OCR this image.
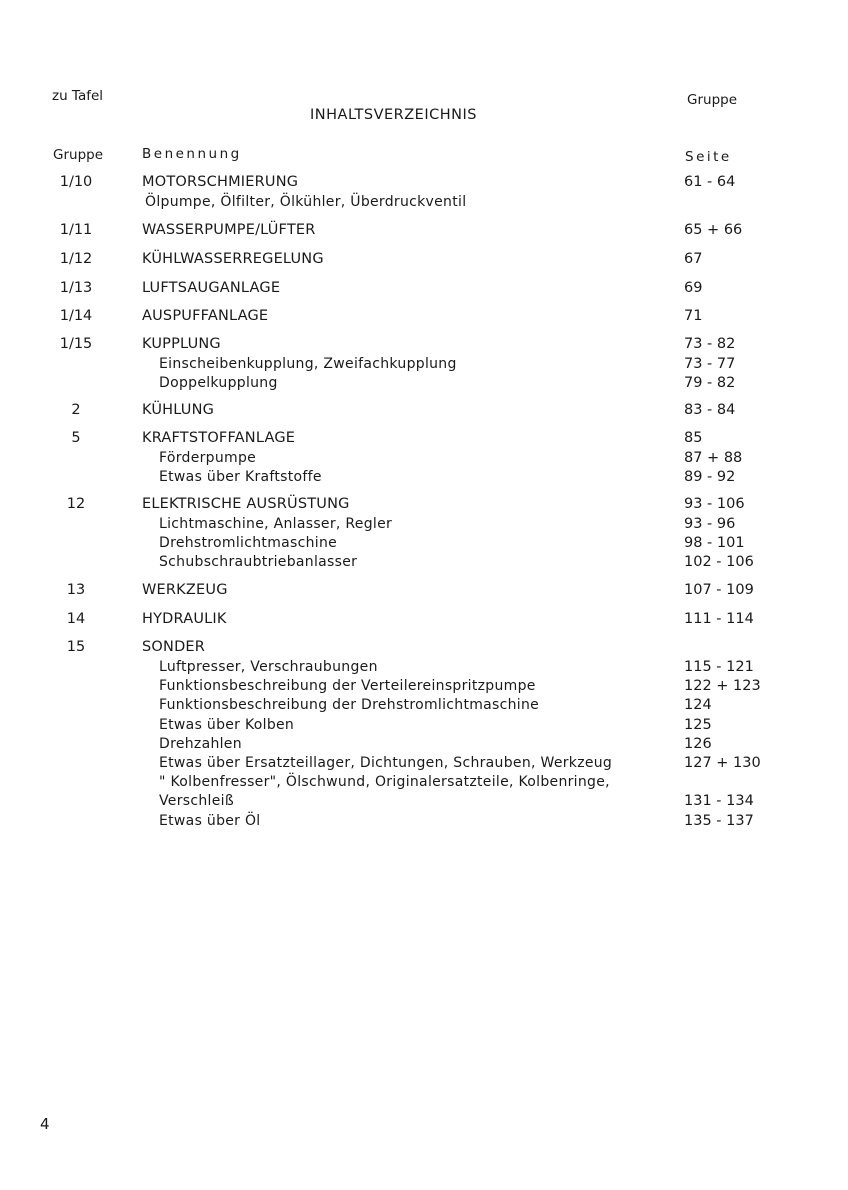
zu Tafel	Gruppe
INHALTSVERZEICHNIS
Gruppe	Benennung	Seite
1/10	MOTORSCHMIERUNG	61 - 64
Ölpumpe, Ölfilter, Ölkühler, Überdruckventil
1/11	WASSERPUMPE/LÜFTER	65 + 66
1/12	KÜHLWASSERREGELUNG	67
1/13	LUFTSAUGANLAGE	69
1/14	AUSPUFFANLAGE	71
1/15	KUPPLUNG	73 - 82
Einscheibenkupplung, Zweifachkupplung	73 - 77
Doppelkupplung	79 - 82
2	KÜHLUNG	83 - 84
5	KRAFTSTOFFANLAGE	85
Förderpumpe	87 + 88
Etwas über Kraftstoffe	89 - 92
12	ELEKTRISCHE AUSRÜSTUNG	93 - 106
Lichtmaschine, Anlasser, Regler	93 - 96
Drehstromlichtmaschine	98 - 101
Schubschraubtriebanlasser	102 - 106
13	WERKZEUG	107 - 109
14	HYDRAULIK	111 - 114
15	SONDER
Luftpresser, Verschraubungen	115 - 121
Funktionsbeschreibung der Verteilereinspritzpumpe	122 + 123
Funktionsbeschreibung der Drehstromlichtmaschine	124
Etwas über Kolben	125
Drehzahlen	126
Etwas über Ersatzteillager, Dichtungen, Schrauben, Werkzeug	127 + 130
" Kolbenfresser", Ölschwund, Originalersatzteile, Kolbenringe,
Verschleiß	131 - 134
Etwas über Öl	135 - 137
4
